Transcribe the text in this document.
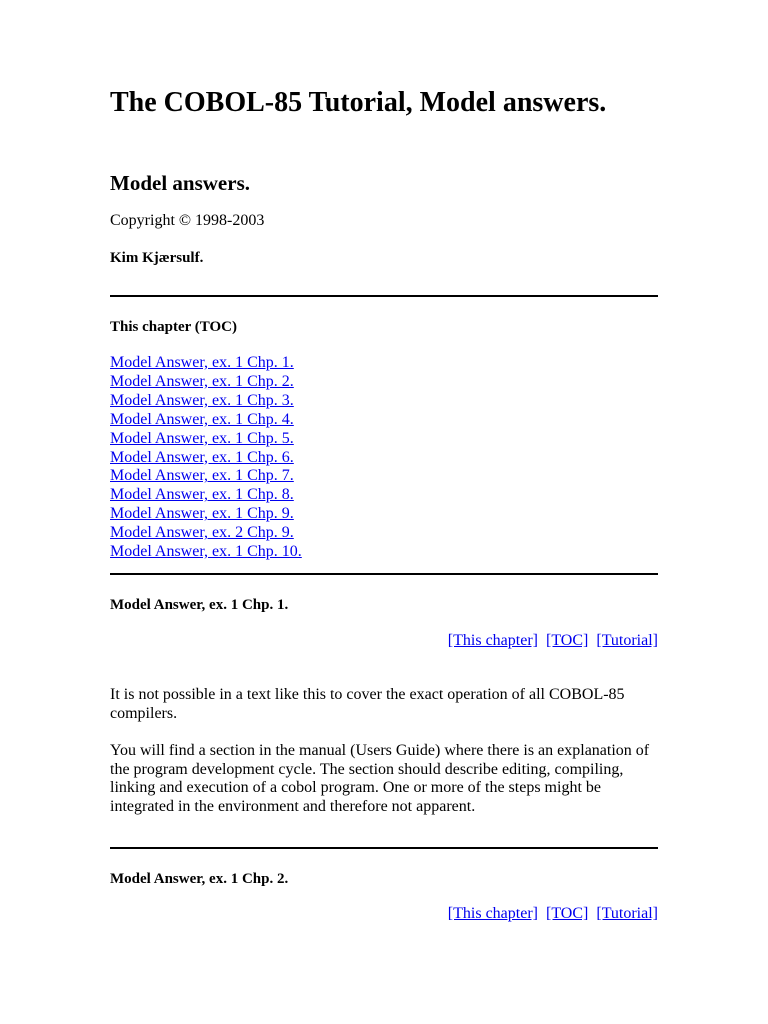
The COBOL-85 Tutorial, Model answers.
Model answers.
Copyright © 1998-2003
Kim Kjærsulf.
This chapter (TOC)
Model Answer, ex. 1 Chp. 1.
Model Answer, ex. 1 Chp. 2.
Model Answer, ex. 1 Chp. 3.
Model Answer, ex. 1 Chp. 4.
Model Answer, ex. 1 Chp. 5.
Model Answer, ex. 1 Chp. 6.
Model Answer, ex. 1 Chp. 7.
Model Answer, ex. 1 Chp. 8.
Model Answer, ex. 1 Chp. 9.
Model Answer, ex. 2 Chp. 9.
Model Answer, ex. 1 Chp. 10.
Model Answer, ex. 1 Chp. 1.
[This chapter] [TOC] [Tutorial]

It is not possible in a text like this to cover the exact operation of all COBOL-85 compilers.

You will find a section in the manual (Users Guide) where there is an explanation of the program development cycle. The section should describe editing, compiling, linking and execution of a cobol program. One or more of the steps might be integrated in the environment and therefore not apparent.

Model Answer, ex. 1 Chp. 2.
[This chapter] [TOC] [Tutorial]
